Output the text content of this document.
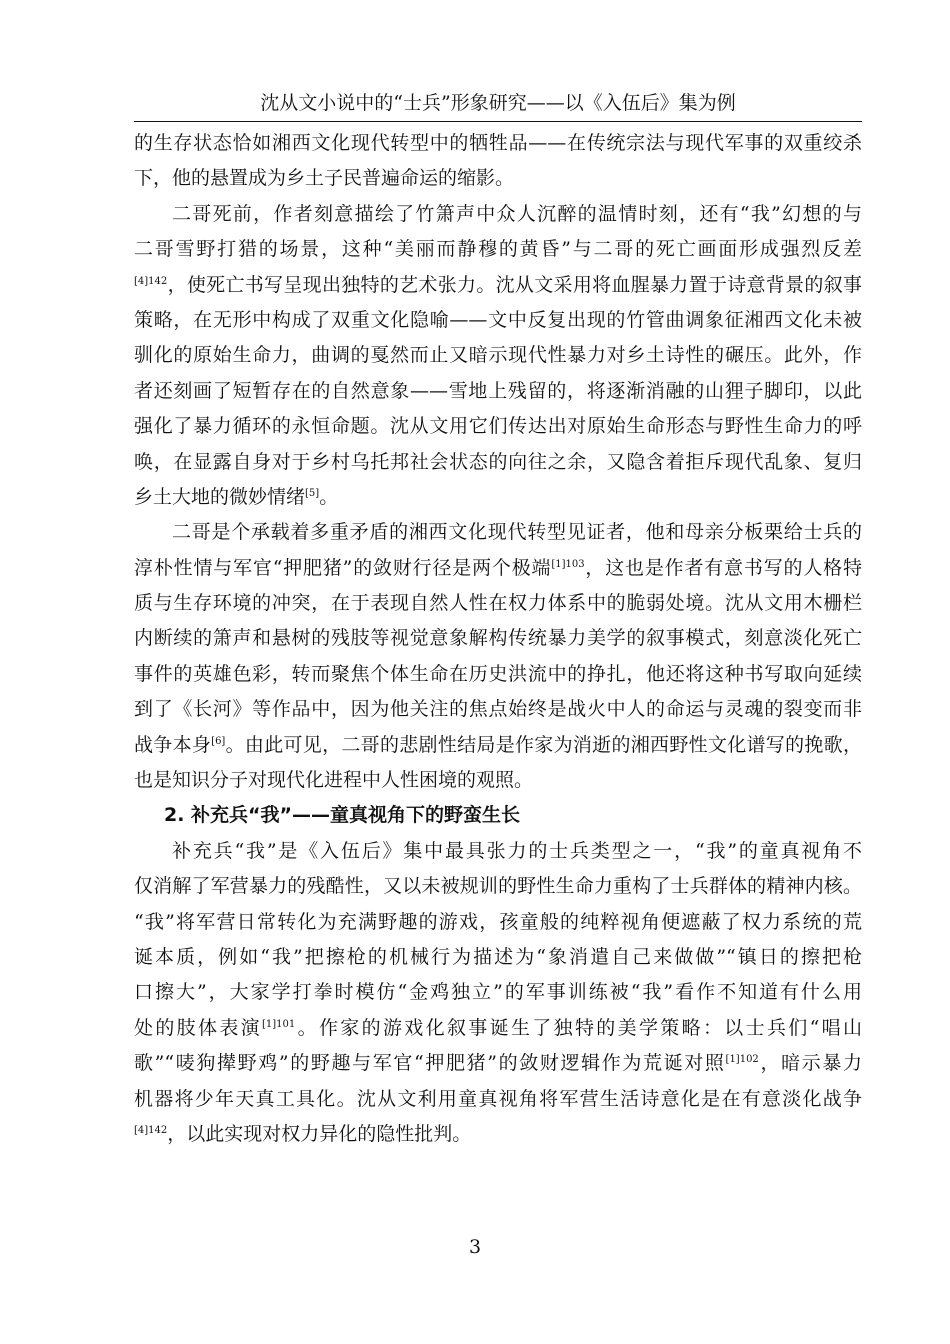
沈从文小说中的“士兵”形象研究——以《入伍后》集为例
的生存状态恰如湘西文化现代转型中的牺牲品——在传统宗法与现代军事的双重绞杀
下，他的悬置成为乡土子民普遍命运的缩影。
二哥死前，作者刻意描绘了竹箫声中众人沉醉的温情时刻，还有“我”幻想的与
二哥雪野打猎的场景，这种“美丽而静穆的黄昏”与二哥的死亡画面形成强烈反差
$^{[4]142}$，使死亡书写呈现出独特的艺术张力。沈从文采用将血腥暴力置于诗意背景的叙事
策略，在无形中构成了双重文化隐喻——文中反复出现的竹管曲调象征湘西文化未被
驯化的原始生命力，曲调的戛然而止又暗示现代性暴力对乡土诗性的碾压。此外，作
者还刻画了短暂存在的自然意象——雪地上残留的，将逐渐消融的山狸子脚印，以此
强化了暴力循环的永恒命题。沈从文用它们传达出对原始生命形态与野性生命力的呼
唤，在显露自身对于乡村乌托邦社会状态的向往之余，又隐含着拒斥现代乱象、复归
乡土大地的微妙情绪[5]。
二哥是个承载着多重矛盾的湘西文化现代转型见证者，他和母亲分板栗给士兵的
淳朴性情与军官“押肥猪”的敛财行径是两个极端$^{[1]103}$，这也是作者有意书写的人格特
质与生存环境的冲突，在于表现自然人性在权力体系中的脆弱处境。沈从文用木栅栏
内断续的箫声和悬树的残肢等视觉意象解构传统暴力美学的叙事模式，刻意淡化死亡
事件的英雄色彩，转而聚焦个体生命在历史洪流中的挣扎，他还将这种书写取向延续
到了《长河》等作品中，因为他关注的焦点始终是战火中人的命运与灵魂的裂变而非
战争本身[6]。由此可见，二哥的悲剧性结局是作家为消逝的湘西野性文化谱写的挽歌，
也是知识分子对现代化进程中人性困境的观照。
2. 补充兵“我”——童真视角下的野蛮生长
补充兵“我”是《入伍后》集中最具张力的士兵类型之一，“我”的童真视角不
仅消解了军营暴力的残酷性，又以未被规训的野性生命力重构了士兵群体的精神内核。
“我”将军营日常转化为充满野趣的游戏，孩童般的纯粹视角便遮蔽了权力系统的荒
诞本质，例如“我”把擦枪的机械行为描述为“象消遣自己来做做”“镇日的擦把枪
口擦大”，大家学打拳时模仿“金鸡独立”的军事训练被“我”看作不知道有什么用
处的肢体表演$^{[1]101}$。作家的游戏化叙事诞生了独特的美学策略：以士兵们“唱山
歌”“唛狗撵野鸡”的野趣与军官“押肥猪”的敛财逻辑作为荒诞对照$^{[1]102}$，暗示暴力
机器将少年天真工具化。沈从文利用童真视角将军营生活诗意化是在有意淡化战争
$^{[4]142}$，以此实现对权力异化的隐性批判。
3
